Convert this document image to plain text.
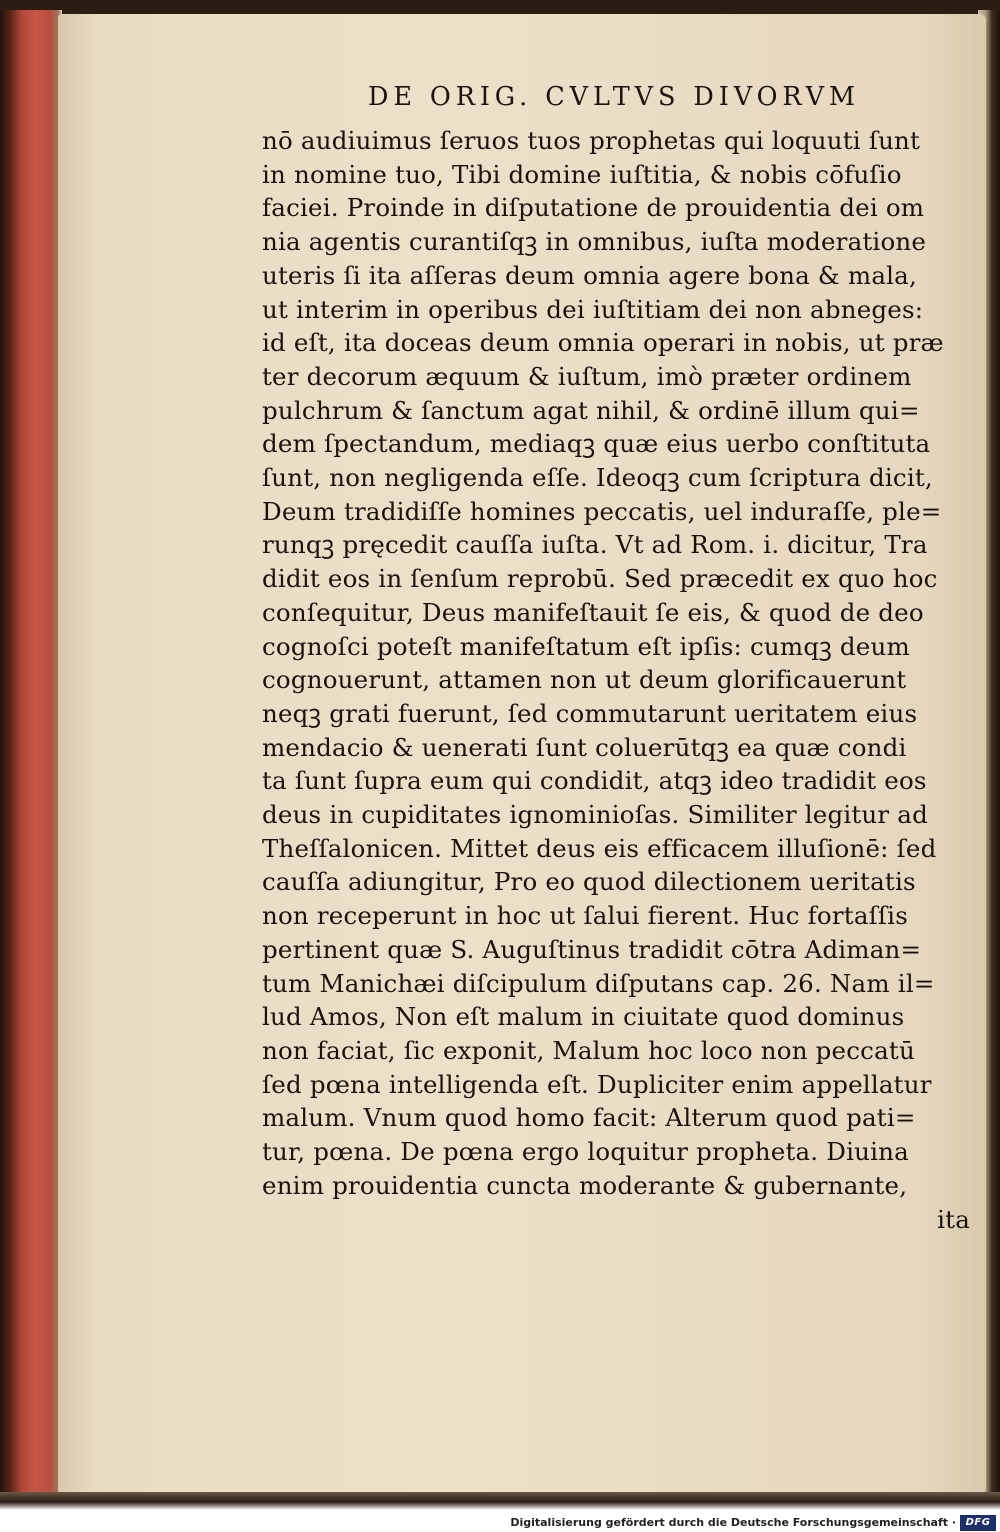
DE ORIG. CVLTVS DIVORVM
nō audiuimus ſeruos tuos prophetas qui loquuti ſunt
in nomine tuo, Tibi domine iuſtitia, & nobis cōfuſio
faciei. Proinde in diſputatione de prouidentia dei om
nia agentis curantiſqꝫ in omnibus, iuſta moderatione
uteris ſi ita aſſeras deum omnia agere bona & mala,
ut interim in operibus dei iuſtitiam dei non abneges:
id eſt, ita doceas deum omnia operari in nobis, ut præ
ter decorum æquum & iuſtum, imò præter ordinem
pulchrum & ſanctum agat nihil, & ordinē illum qui=
dem ſpectandum, mediaqꝫ quæ eius uerbo conſtituta
ſunt, non negligenda eſſe. Ideoqꝫ cum ſcriptura dicit,
Deum tradidiſſe homines peccatis, uel induraſſe, ple=
runqꝫ pręcedit cauſſa iuſta. Vt ad Rom. i. dicitur, Tra
didit eos in ſenſum reprobū. Sed præcedit ex quo hoc
conſequitur, Deus manifeſtauit ſe eis, & quod de deo
cognoſci poteſt manifeſtatum eſt ipſis: cumqꝫ deum
cognouerunt, attamen non ut deum glorificauerunt
neqꝫ grati fuerunt, ſed commutarunt ueritatem eius
mendacio & uenerati ſunt coluerūtqꝫ ea quæ condi
ta ſunt ſupra eum qui condidit, atqꝫ ideo tradidit eos
deus in cupiditates ignominioſas. Similiter legitur ad
Theſſalonicen. Mittet deus eis efficacem illuſionē: ſed
cauſſa adiungitur, Pro eo quod dilectionem ueritatis
non receperunt in hoc ut ſalui fierent. Huc fortaſſis
pertinent quæ S. Auguſtinus tradidit cōtra Adiman=
tum Manichæi diſcipulum diſputans cap. 26. Nam il=
lud Amos, Non eſt malum in ciuitate quod dominus
non faciat, ſic exponit, Malum hoc loco non peccatū
ſed pœna intelligenda eſt. Dupliciter enim appellatur
malum. Vnum quod homo facit: Alterum quod pati=
tur, pœna. De pœna ergo loquitur propheta. Diuina
enim prouidentia cuncta moderante & gubernante,
ita
Digitalisierung gefördert durch die Deutsche Forschungsgemeinschaft · DFG
